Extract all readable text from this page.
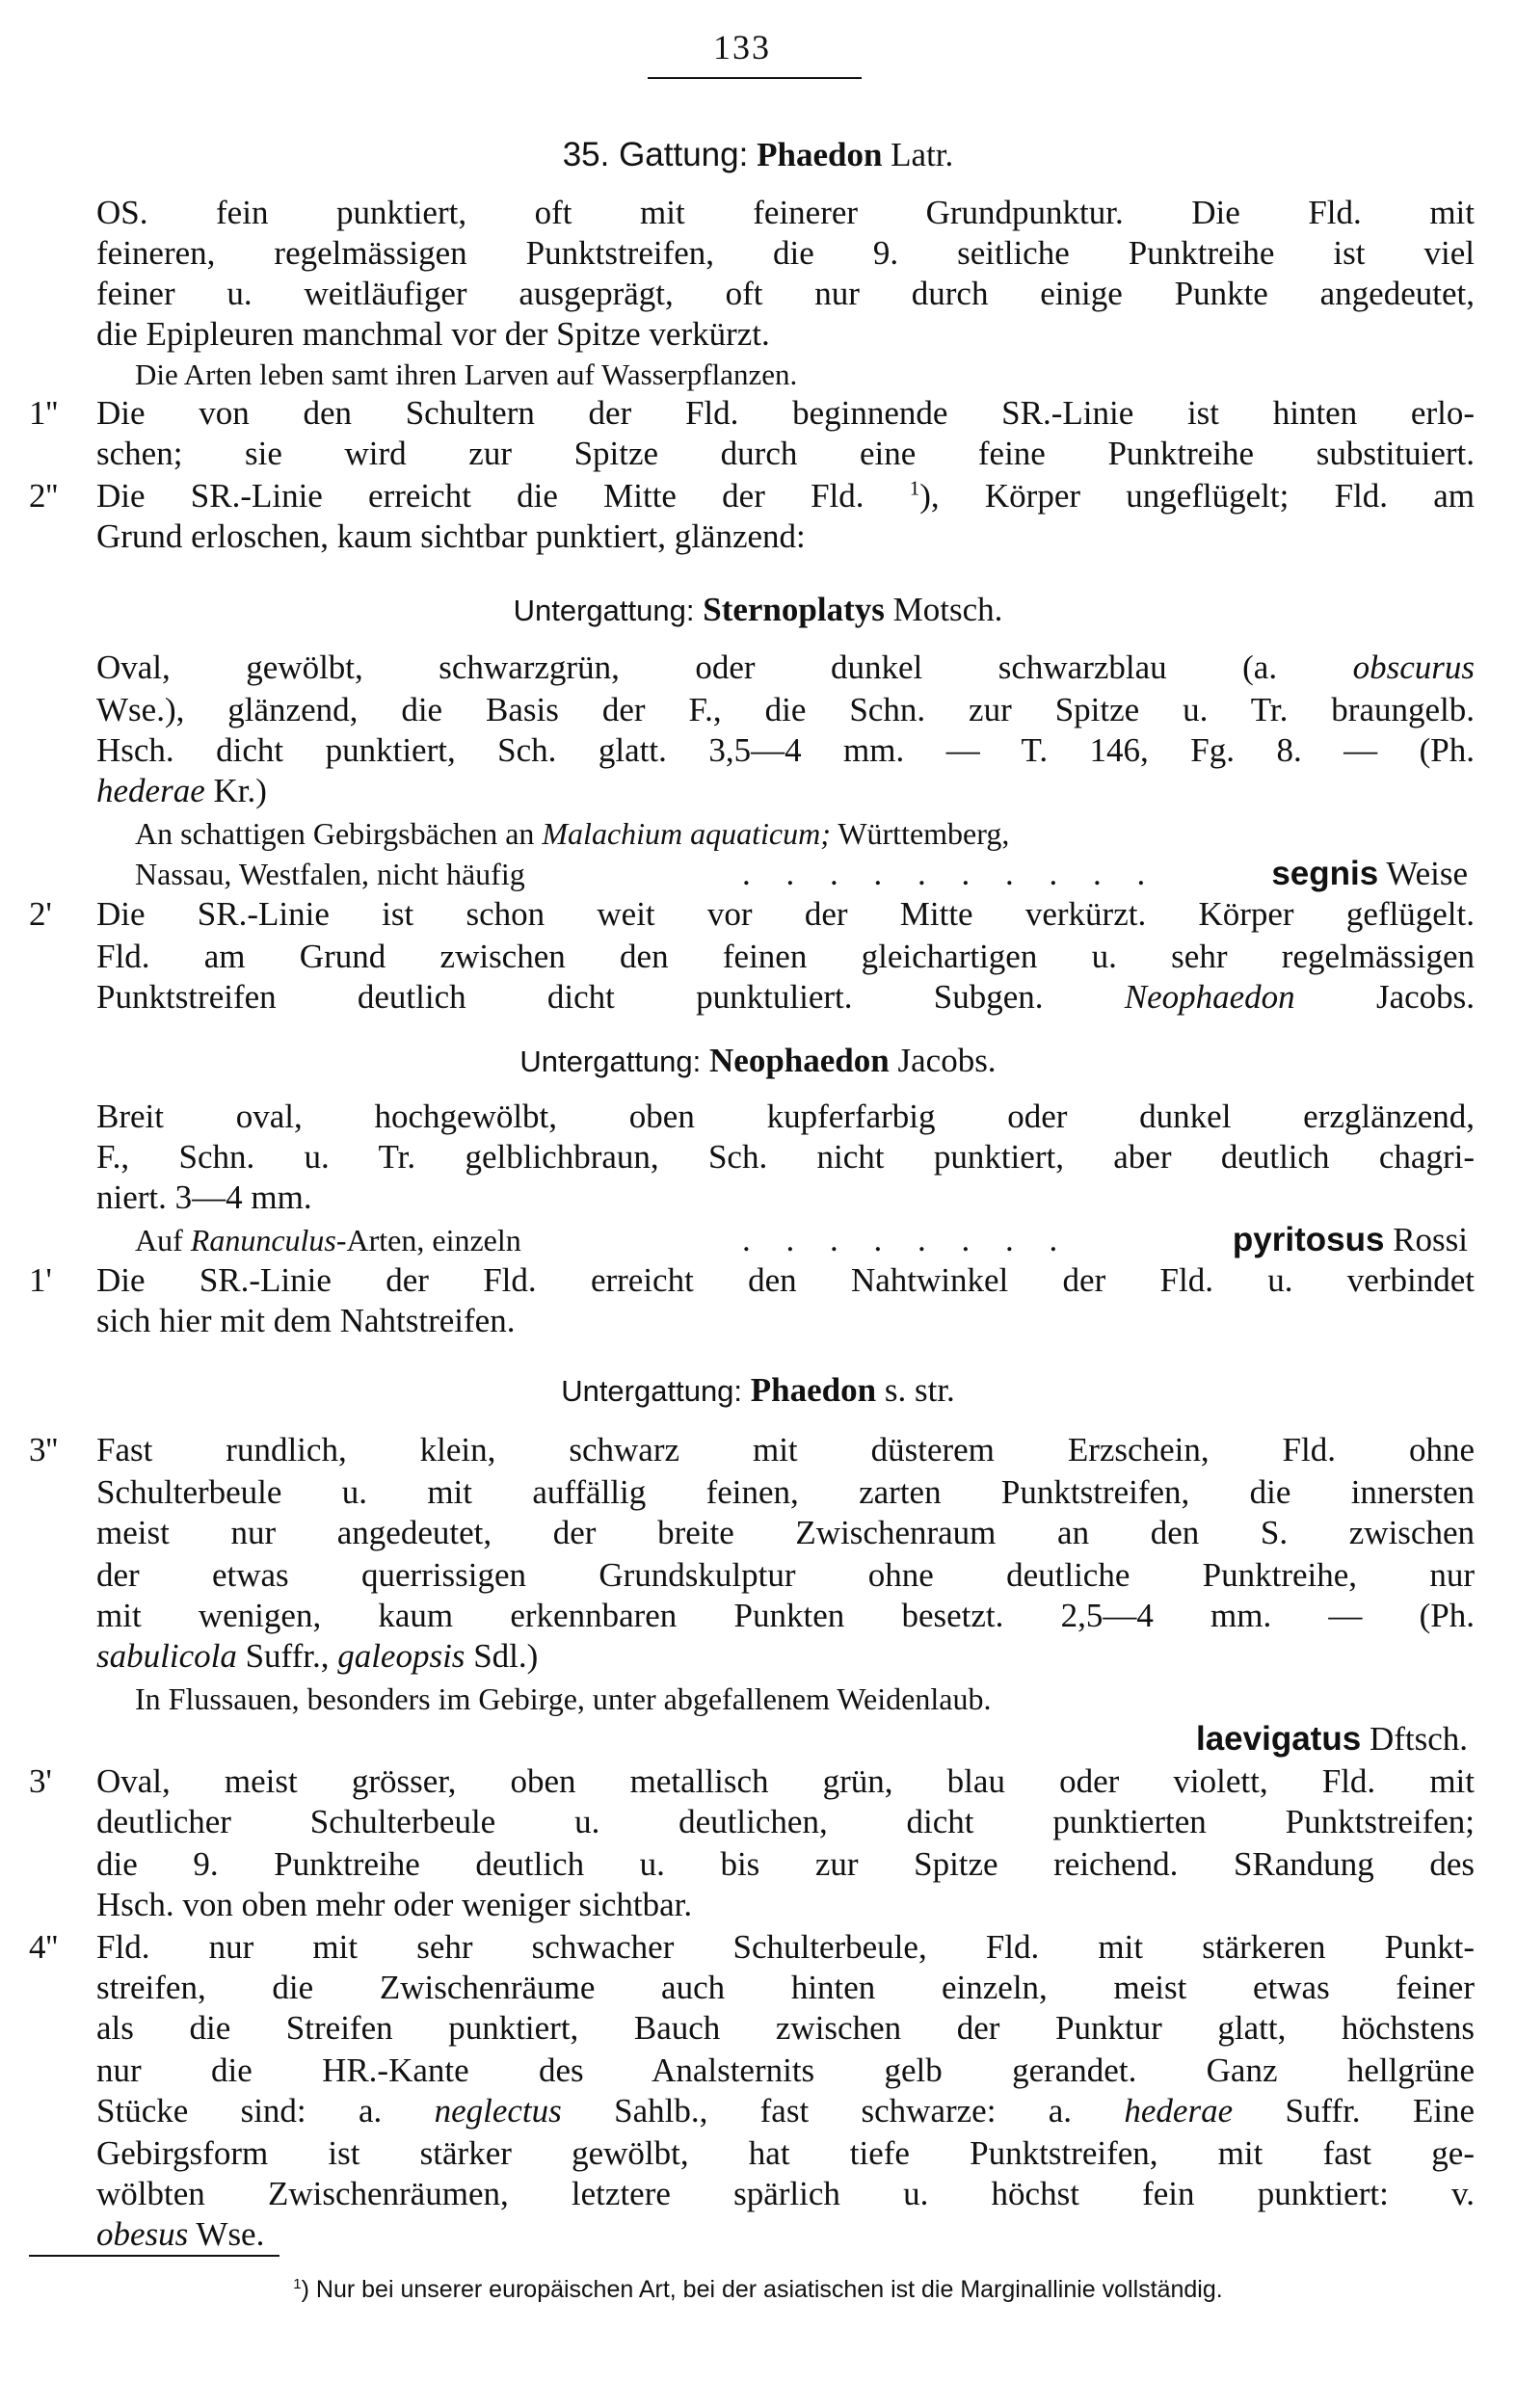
133
35. Gattung: Phaedon Latr.
OS. fein punktiert, oft mit feinerer Grundpunktur. Die Fld. mit
feineren, regelmässigen Punktstreifen, die 9. seitliche Punktreihe ist viel
feiner u. weitläufiger ausgeprägt, oft nur durch einige Punkte angedeutet,
die Epipleuren manchmal vor der Spitze verkürzt.
Die Arten leben samt ihren Larven auf Wasserpflanzen.
1''	Die von den Schultern der Fld. beginnende SR.-Linie ist hinten erlo-
schen; sie wird zur Spitze durch eine feine Punktreihe substituiert.
2''	Die SR.-Linie erreicht die Mitte der Fld. $^1$), Körper ungeflügelt; Fld. am
Grund erloschen, kaum sichtbar punktiert, glänzend:
Untergattung: Sternoplatys Motsch.
Oval, gewölbt, schwarzgrün, oder dunkel schwarzblau (a. obscurus
Wse.), glänzend, die Basis der F., die Schn. zur Spitze u. Tr. braungelb.
Hsch. dicht punktiert, Sch. glatt. 3,5—4 mm. — T. 146, Fg. 8. — (Ph.
hederae Kr.)
An schattigen Gebirgsbächen an Malachium aquaticum; Württemberg,
Nassau, Westfalen, nicht häufig	. . . . . . . . . .	segnis Weise
2'	Die SR.-Linie ist schon weit vor der Mitte verkürzt. Körper geflügelt.
Fld. am Grund zwischen den feinen gleichartigen u. sehr regelmässigen
Punktstreifen deutlich dicht punktuliert. Subgen. Neophaedon Jacobs.
Untergattung: Neophaedon Jacobs.
Breit oval, hochgewölbt, oben kupferfarbig oder dunkel erzglänzend,
F., Schn. u. Tr. gelblichbraun, Sch. nicht punktiert, aber deutlich chagri-
niert. 3—4 mm.
Auf Ranunculus-Arten, einzeln	. . . . . . . .	pyritosus Rossi
1'	Die SR.-Linie der Fld. erreicht den Nahtwinkel der Fld. u. verbindet
sich hier mit dem Nahtstreifen.
Untergattung: Phaedon s. str.
3''	Fast rundlich, klein, schwarz mit düsterem Erzschein, Fld. ohne
Schulterbeule u. mit auffällig feinen, zarten Punktstreifen, die innersten
meist nur angedeutet, der breite Zwischenraum an den S. zwischen
der etwas querrissigen Grundskulptur ohne deutliche Punktreihe, nur
mit wenigen, kaum erkennbaren Punkten besetzt. 2,5—4 mm. — (Ph.
sabulicola Suffr., galeopsis Sdl.)
In Flussauen, besonders im Gebirge, unter abgefallenem Weidenlaub.
laevigatus Dftsch.
3'	Oval, meist grösser, oben metallisch grün, blau oder violett, Fld. mit
deutlicher Schulterbeule u. deutlichen, dicht punktierten Punktstreifen;
die 9. Punktreihe deutlich u. bis zur Spitze reichend. SRandung des
Hsch. von oben mehr oder weniger sichtbar.
4''	Fld. nur mit sehr schwacher Schulterbeule, Fld. mit stärkeren Punkt-
streifen, die Zwischenräume auch hinten einzeln, meist etwas feiner
als die Streifen punktiert, Bauch zwischen der Punktur glatt, höchstens
nur die HR.-Kante des Analsternits gelb gerandet. Ganz hellgrüne
Stücke sind: a. neglectus Sahlb., fast schwarze: a. hederae Suffr. Eine
Gebirgsform ist stärker gewölbt, hat tiefe Punktstreifen, mit fast ge-
wölbten Zwischenräumen, letztere spärlich u. höchst fein punktiert: v.
obesus Wse.
$^1$) Nur bei unserer europäischen Art, bei der asiatischen ist die Marginallinie vollständig.
